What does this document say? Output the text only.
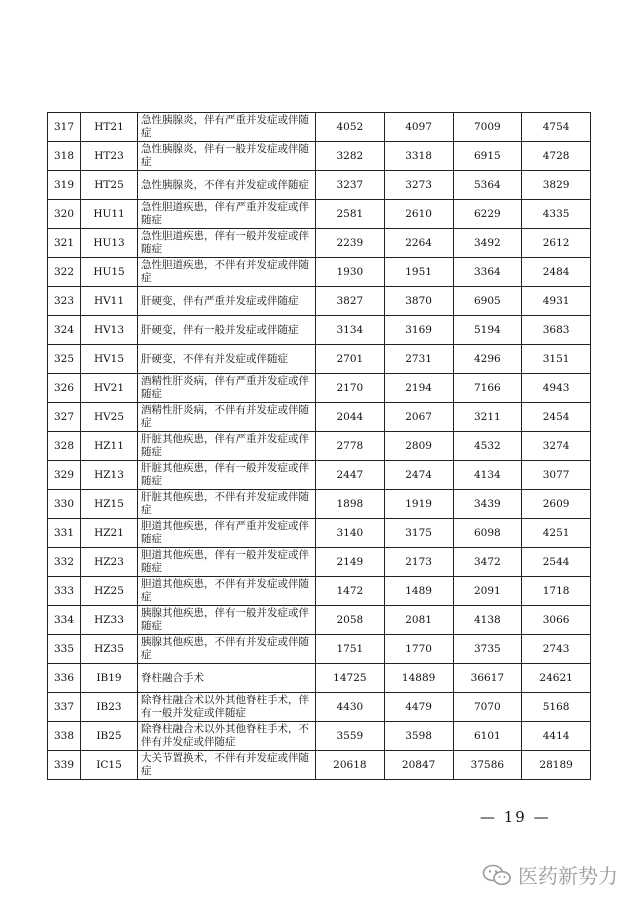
317	HT21	急性胰腺炎，伴有严重并发症或伴随症	4052	4097	7009	4754
318	HT23	急性胰腺炎，伴有一般并发症或伴随症	3282	3318	6915	4728
319	HT25	急性胰腺炎，不伴有并发症或伴随症	3237	3273	5364	3829
320	HU11	急性胆道疾患，伴有严重并发症或伴随症	2581	2610	6229	4335
321	HU13	急性胆道疾患，伴有一般并发症或伴随症	2239	2264	3492	2612
322	HU15	急性胆道疾患，不伴有并发症或伴随症	1930	1951	3364	2484
323	HV11	肝硬变，伴有严重并发症或伴随症	3827	3870	6905	4931
324	HV13	肝硬变，伴有一般并发症或伴随症	3134	3169	5194	3683
325	HV15	肝硬变，不伴有并发症或伴随症	2701	2731	4296	3151
326	HV21	酒精性肝炎病，伴有严重并发症或伴随症	2170	2194	7166	4943
327	HV25	酒精性肝炎病，不伴有并发症或伴随症	2044	2067	3211	2454
328	HZ11	肝脏其他疾患，伴有严重并发症或伴随症	2778	2809	4532	3274
329	HZ13	肝脏其他疾患，伴有一般并发症或伴随症	2447	2474	4134	3077
330	HZ15	肝脏其他疾患，不伴有并发症或伴随症	1898	1919	3439	2609
331	HZ21	胆道其他疾患，伴有严重并发症或伴随症	3140	3175	6098	4251
332	HZ23	胆道其他疾患，伴有一般并发症或伴随症	2149	2173	3472	2544
333	HZ25	胆道其他疾患，不伴有并发症或伴随症	1472	1489	2091	1718
334	HZ33	胰腺其他疾患，伴有一般并发症或伴随症	2058	2081	4138	3066
335	HZ35	胰腺其他疾患，不伴有并发症或伴随症	1751	1770	3735	2743
336	IB19	脊柱融合手术	14725	14889	36617	24621
337	IB23	除脊柱融合术以外其他脊柱手术，伴有一般并发症或伴随症	4430	4479	7070	5168
338	IB25	除脊柱融合术以外其他脊柱手术，不伴有并发症或伴随症	3559	3598	6101	4414
339	IC15	大关节置换术，不伴有并发症或伴随症	20618	20847	37586	28189
— 19 —
医药新势力
